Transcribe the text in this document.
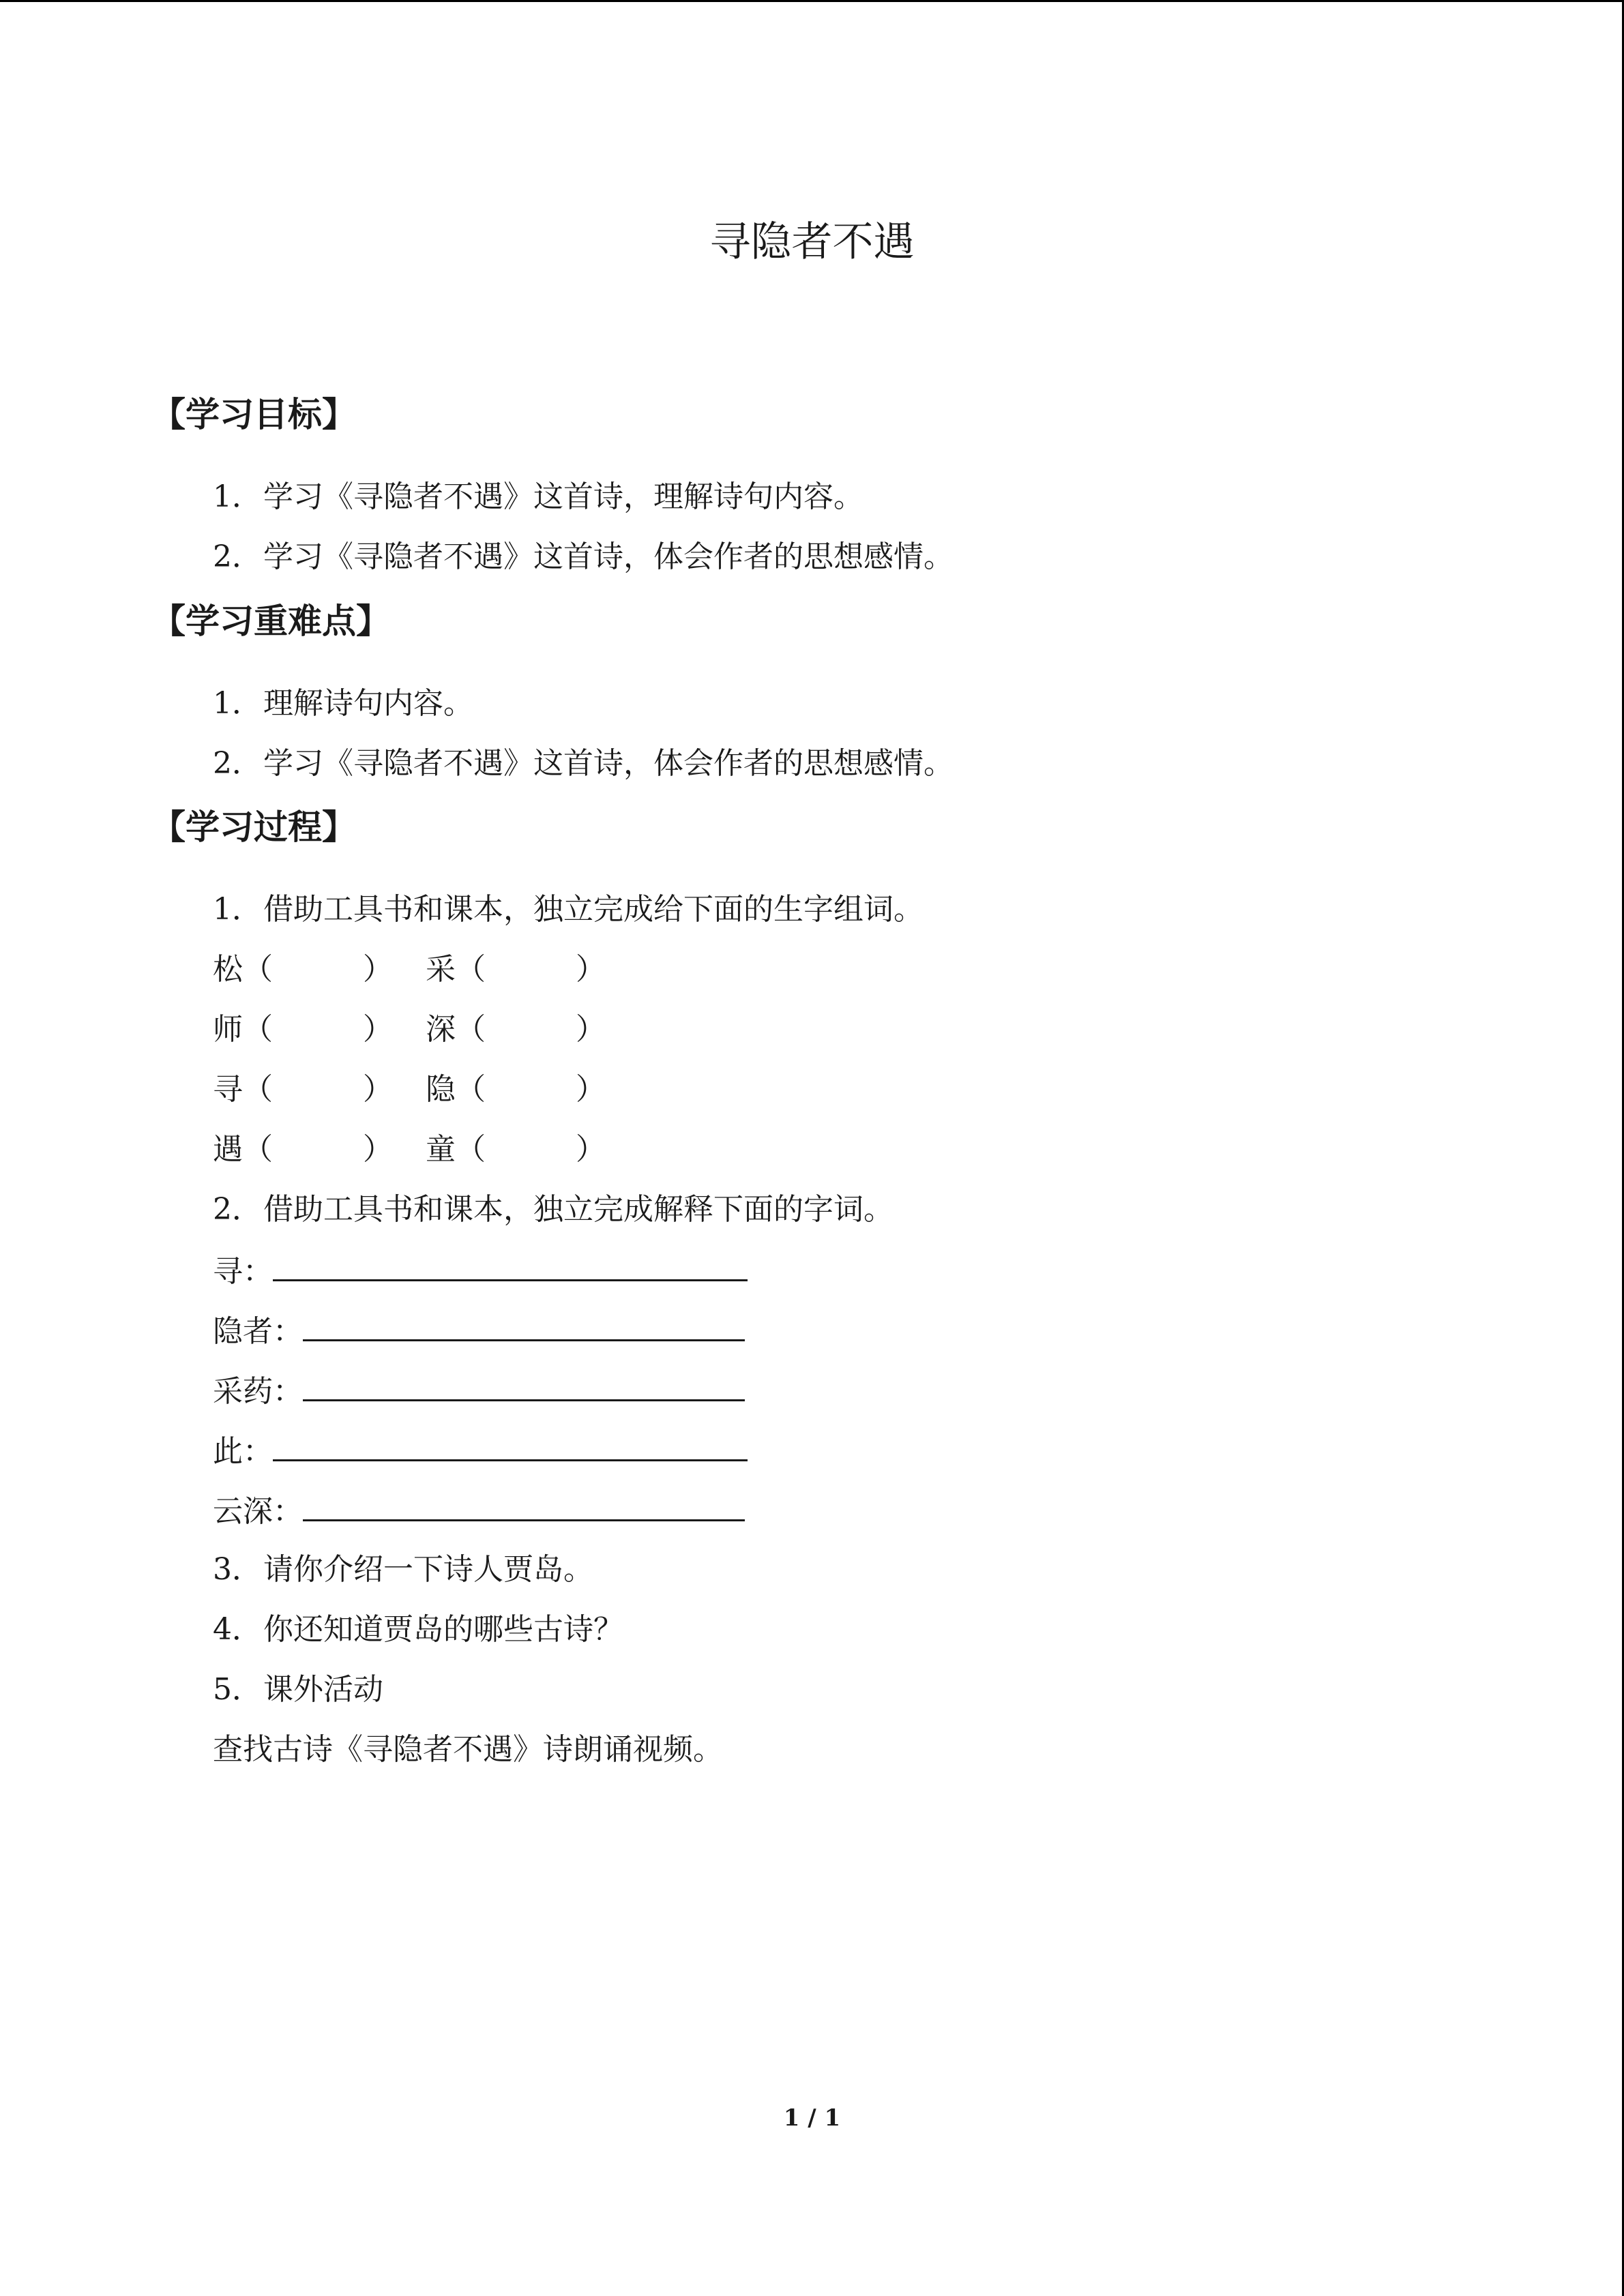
寻隐者不遇
【学习目标】
1．学习《寻隐者不遇》这首诗，理解诗句内容。
2．学习《寻隐者不遇》这首诗，体会作者的思想感情。
【学习重难点】
1．理解诗句内容。
2．学习《寻隐者不遇》这首诗，体会作者的思想感情。
【学习过程】
1．借助工具书和课本，独立完成给下面的生字组词。
松（	） 采（	）
师（	） 深（	）
寻（	） 隐（	）
遇（	） 童（	）
2．借助工具书和课本，独立完成解释下面的字词。
寻：
隐者：
采药：
此：
云深：
3．请你介绍一下诗人贾岛。
4．你还知道贾岛的哪些古诗？
5．课外活动
查找古诗《寻隐者不遇》诗朗诵视频。
1 / 1
